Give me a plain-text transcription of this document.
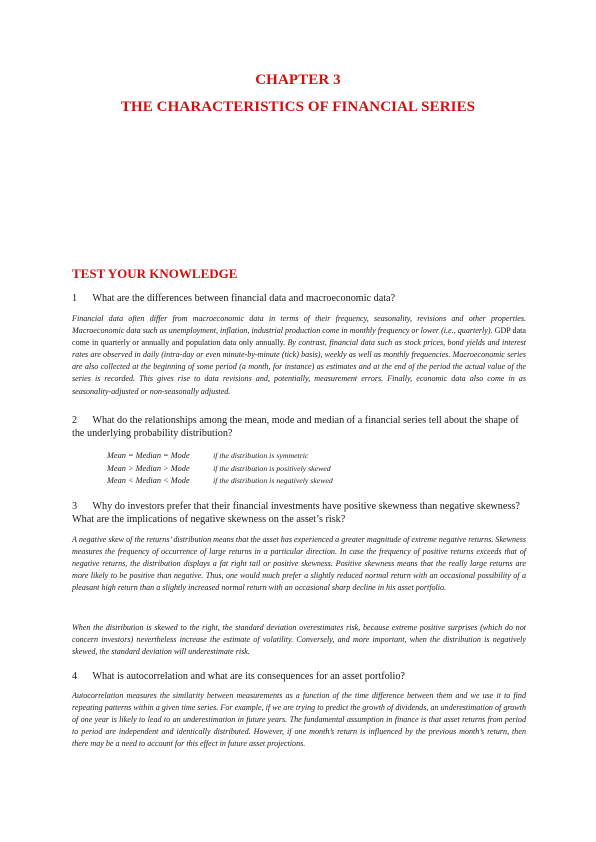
CHAPTER 3
THE CHARACTERISTICS OF FINANCIAL SERIES
TEST YOUR KNOWLEDGE
1 What are the differences between financial data and macroeconomic data?
Financial data often differ from macroeconomic data in terms of their frequency, seasonality, revisions and other properties. Macroeconomic data such as unemployment, inflation, industrial production come in monthly frequency or lower (i.e., quarterly). GDP data come in quarterly or annually and population data only annually. By contrast, financial data such as stock prices, bond yields and interest rates are observed in daily (intra-day or even minute-by-minute (tick) basis), weekly as well as monthly frequencies. Macroeconomic series are also collected at the beginning of some period (a month, for instance) as estimates and at the end of the period the actual value of the series is recorded. This gives rise to data revisions and, potentially, measurement errors. Finally, economic data also come in as seasonality-adjusted or non-seasonally adjusted.
2 What do the relationships among the mean, mode and median of a financial series tell about the shape of the underlying probability distribution?
Mean = Median = Mode	if the distribution is symmetric
Mean > Median > Mode	if the distribution is positively skewed
Mean < Median < Mode	if the distribution is negatively skewed
3 Why do investors prefer that their financial investments have positive skewness than negative skewness? What are the implications of negative skewness on the asset’s risk?
A negative skew of the returns’ distribution means that the asset has experienced a greater magnitude of extreme negative returns. Skewness measures the frequency of occurrence of large returns in a particular direction. In case the frequency of positive returns exceeds that of negative returns, the distribution displays a fat right tail or positive skewness. Positive skewness means that the really large returns are more likely to be positive than negative. Thus, one would much prefer a slightly reduced normal return with an occasional possibility of a pleasant high return than a slightly increased normal return with an occasional sharp decline in his asset portfolio.
When the distribution is skewed to the right, the standard deviation overestimates risk, because extreme positive surprises (which do not concern investors) nevertheless increase the estimate of volatility. Conversely, and more important, when the distribution is negatively skewed, the standard deviation will underestimate risk.
4 What is autocorrelation and what are its consequences for an asset portfolio?
Autocorrelation measures the similarity between measurements as a function of the time difference between them and we use it to find repeating patterns within a given time series. For example, if we are trying to predict the growth of dividends, an underestimation of growth of one year is likely to lead to an underestimation in future years. The fundamental assumption in finance is that asset returns from period to period are independent and identically distributed. However, if one month’s return is influenced by the previous month’s return, then there may be a need to account for this effect in future asset projections.
